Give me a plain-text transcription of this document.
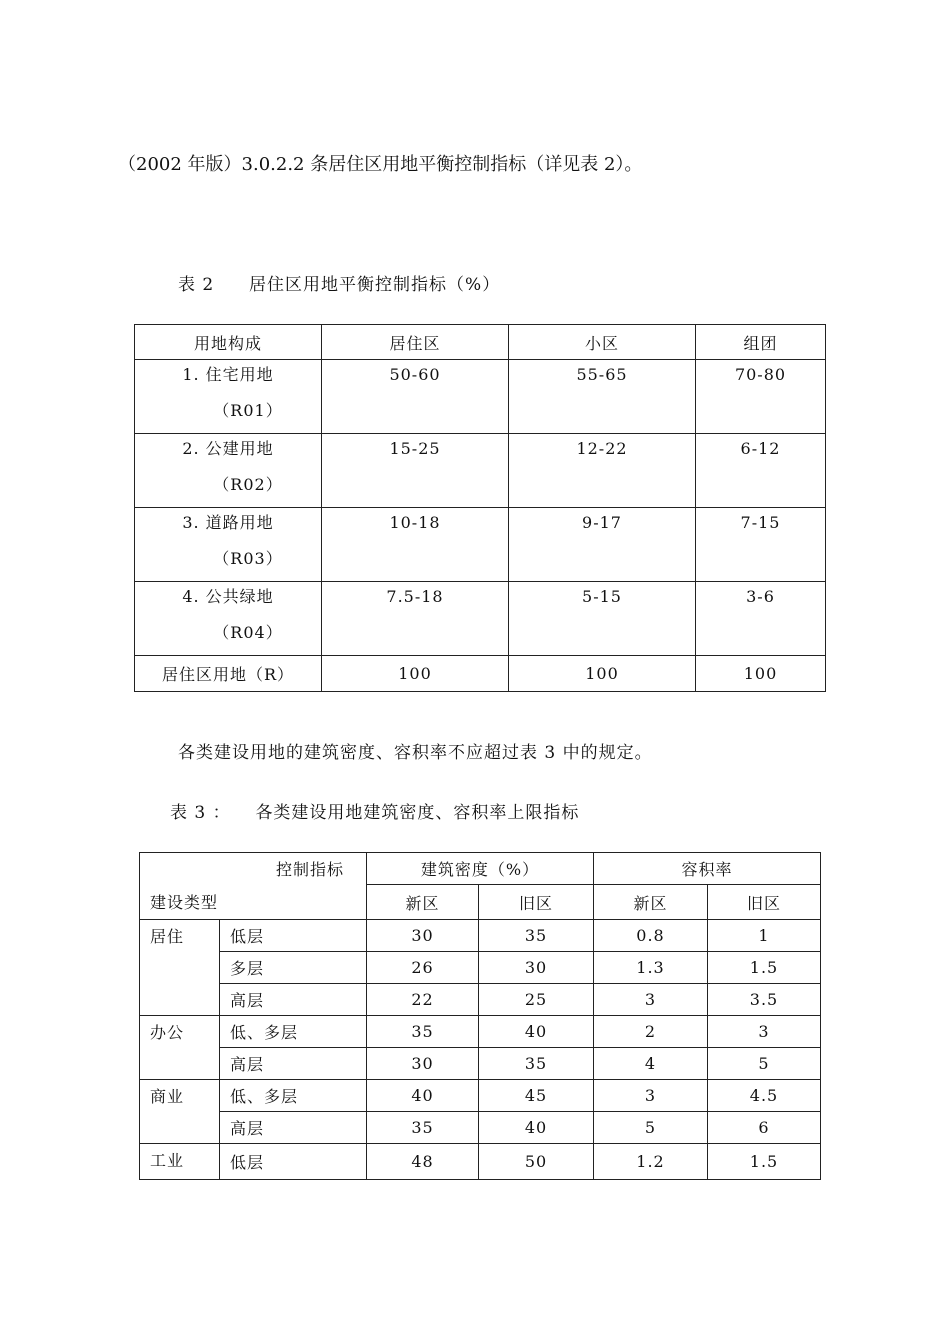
（2002 年版）3.0.2.2 条居住区用地平衡控制指标（详见表 2）。
表 2 居住区用地平衡控制指标（%）
用地构成	居住区	小区	组团

1. 住宅用地
（R01）	50-60	55-65	70-80

2. 公建用地
（R02）	15-25	12-22	6-12

3. 道路用地
（R03）	10-18	9-17	7-15

4. 公共绿地
（R04）	7.5-18	5-15	3-6

居住区用地（R）	100	100	100
各类建设用地的建筑密度、容积率不应超过表 3 中的规定。
表 3 ： 各类建设用地建筑密度、容积率上限指标
控制指标
建设类型		建筑密度（%）		容积率	
		新区	旧区	新区	旧区
居住	低层	30	35	0.8	1
	多层	26	30	1.3	1.5
	高层	22	25	3	3.5
办公	低、多层	35	40	2	3
	高层	30	35	4	5
商业	低、多层	40	45	3	4.5
	高层	35	40	5	6
工业	低层	48	50	1.2	1.5
